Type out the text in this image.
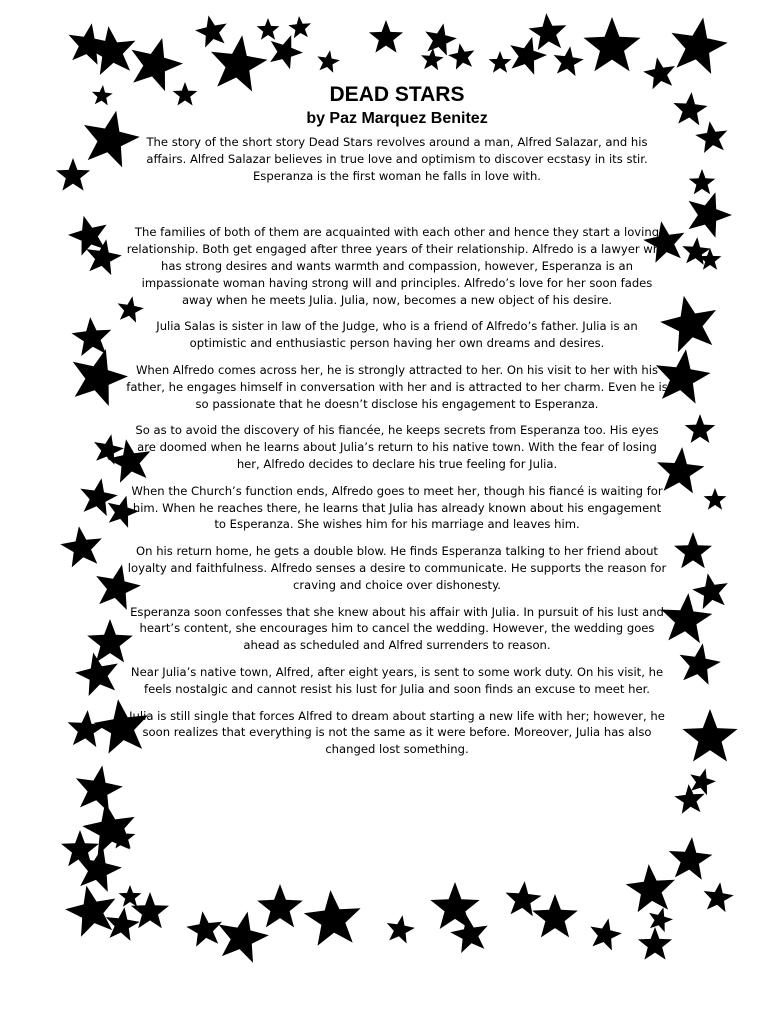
DEAD STARS
by Paz Marquez Benitez

The story of the short story Dead Stars revolves around a man, Alfred Salazar, and his affairs. Alfred Salazar believes in true love and optimism to discover ecstasy in its stir. Esperanza is the first woman he falls in love with.

The families of both of them are acquainted with each other and hence they start a loving relationship. Both get engaged after three years of their relationship. Alfredo is a lawyer who has strong desires and wants warmth and compassion, however, Esperanza is an impassionate woman having strong will and principles. Alfredo’s love for her soon fades away when he meets Julia. Julia, now, becomes a new object of his desire.

Julia Salas is sister in law of the Judge, who is a friend of Alfredo’s father. Julia is an optimistic and enthusiastic person having her own dreams and desires.

When Alfredo comes across her, he is strongly attracted to her. On his visit to her with his father, he engages himself in conversation with her and is attracted to her charm. Even he is so passionate that he doesn’t disclose his engagement to Esperanza.

So as to avoid the discovery of his fiancée, he keeps secrets from Esperanza too. His eyes are doomed when he learns about Julia’s return to his native town. With the fear of losing her, Alfredo decides to declare his true feeling for Julia.

When the Church’s function ends, Alfredo goes to meet her, though his fiancé is waiting for him. When he reaches there, he learns that Julia has already known about his engagement to Esperanza. She wishes him for his marriage and leaves him.

On his return home, he gets a double blow. He finds Esperanza talking to her friend about loyalty and faithfulness. Alfredo senses a desire to communicate. He supports the reason for craving and choice over dishonesty.

Esperanza soon confesses that she knew about his affair with Julia. In pursuit of his lust and heart’s content, she encourages him to cancel the wedding. However, the wedding goes ahead as scheduled and Alfred surrenders to reason.

Near Julia’s native town, Alfred, after eight years, is sent to some work duty. On his visit, he feels nostalgic and cannot resist his lust for Julia and soon finds an excuse to meet her.

Julia is still single that forces Alfred to dream about starting a new life with her; however, he soon realizes that everything is not the same as it were before. Moreover, Julia has also changed lost something.
